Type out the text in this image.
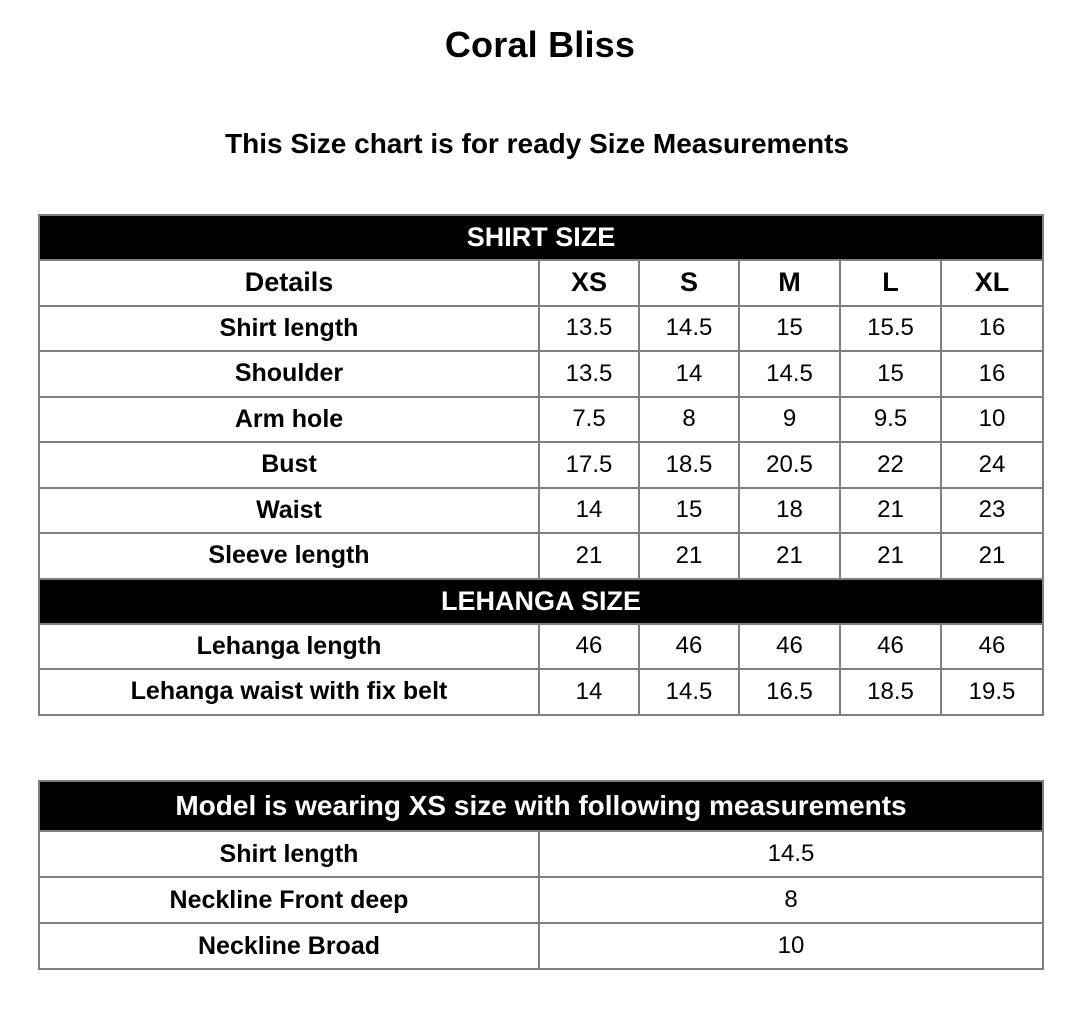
Coral Bliss
This Size chart is for ready Size Measurements
SHIRT SIZE					
Details	XS	S	M	L	XL
Shirt length	13.5	14.5	15	15.5	16
Shoulder	13.5	14	14.5	15	16
Arm hole	7.5	8	9	9.5	10
Bust	17.5	18.5	20.5	22	24
Waist	14	15	18	21	23
Sleeve length	21	21	21	21	21
LEHANGA SIZE					
Lehanga length	46	46	46	46	46
Lehanga waist with fix belt	14	14.5	16.5	18.5	19.5
Model is wearing XS size with following measurements	
Shirt length	14.5
Neckline Front deep	8
Neckline Broad	10
